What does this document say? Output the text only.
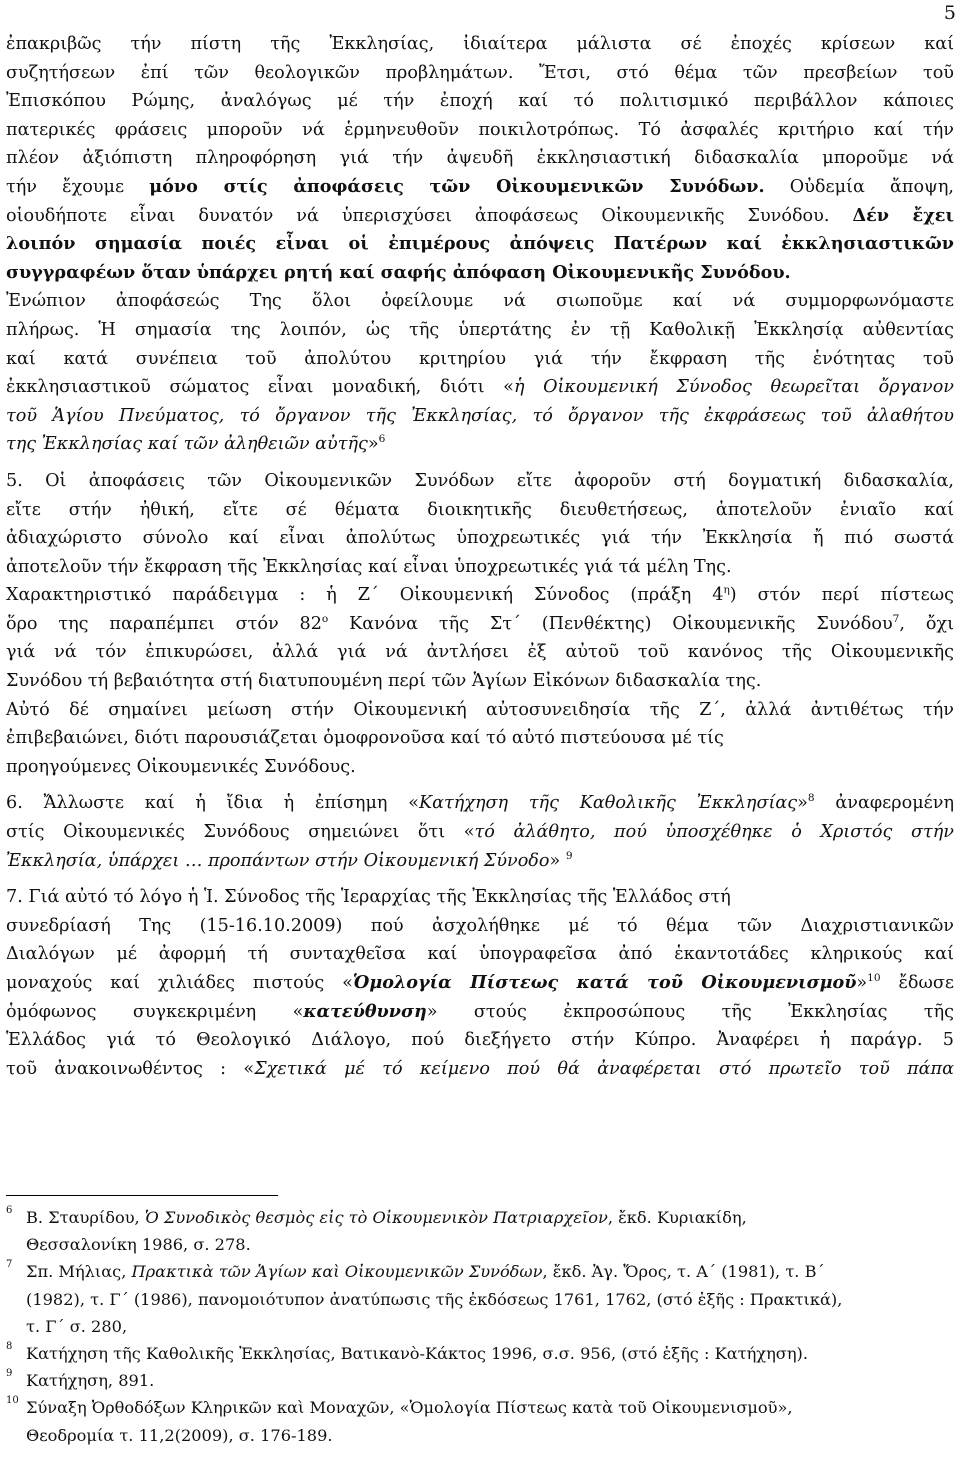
5

ἐπακριβῶς τήν πίστη τῆς Ἐκκλησίας, ἰδιαίτερα μάλιστα σέ ἐποχές κρίσεων καί
συζητήσεων ἐπί τῶν θεολογικῶν προβλημάτων. Ἔτσι, στό θέμα τῶν πρεσβείων τοῦ
Ἐπισκόπου Ρώμης, ἀναλόγως μέ τήν ἐποχή καί τό πολιτισμικό περιβάλλον κάποιες
πατερικές φράσεις μποροῦν νά ἑρμηνευθοῦν ποικιλοτρόπως. Τό ἀσφαλές κριτήριο καί τήν
πλέον ἀξιόπιστη πληροφόρηση γιά τήν ἀψευδῆ ἐκκλησιαστική διδασκαλία μποροῦμε νά
τήν ἔχουμε μόνο στίς ἀποφάσεις τῶν Οἰκουμενικῶν Συνόδων. Οὐδεμία ἄποψη,
οἱουδήποτε εἶναι δυνατόν νά ὑπερισχύσει ἀποφάσεως Οἰκουμενικῆς Συνόδου. Δέν ἔχει
λοιπόν σημασία ποιές εἶναι οἱ ἐπιμέρους ἀπόψεις Πατέρων καί ἐκκλησιαστικῶν
συγγραφέων ὅταν ὑπάρχει ρητή καί σαφής ἀπόφαση Οἰκουμενικῆς Συνόδου.
Ἐνώπιον ἀποφάσεώς Της ὅλοι ὀφείλουμε νά σιωποῦμε καί νά συμμορφωνόμαστε
πλήρως. Ἡ σημασία της λοιπόν, ὡς τῆς ὑπερτάτης ἐν τῇ Καθολικῇ Ἐκκλησίᾳ αὐθεντίας
καί κατά συνέπεια τοῦ ἀπολύτου κριτηρίου γιά τήν ἔκφραση τῆς ἑνότητας τοῦ
ἐκκλησιαστικοῦ σώματος εἶναι μοναδική, διότι «ἡ Οἰκουμενική Σύνοδος θεωρεῖται ὄργανον
τοῦ Ἁγίου Πνεύματος, τό ὄργανον τῆς Ἐκκλησίας, τό ὄργανον τῆς ἐκφράσεως τοῦ ἀλαθήτου
της Ἐκκλησίας καί τῶν ἀληθειῶν αὐτῆς»$^6$

5. Οἱ ἀποφάσεις τῶν Οἰκουμενικῶν Συνόδων εἴτε ἀφοροῦν στή δογματική διδασκαλία,
εἴτε στήν ἠθική, εἴτε σέ θέματα διοικητικῆς διευθετήσεως, ἀποτελοῦν ἑνιαῖο καί
ἀδιαχώριστο σύνολο καί εἶναι ἀπολύτως ὑποχρεωτικές γιά τήν Ἐκκλησία ἤ πιό σωστά
ἀποτελοῦν τήν ἔκφραση τῆς Ἐκκλησίας καί εἶναι ὑποχρεωτικές γιά τά μέλη Της.
Χαρακτηριστικό παράδειγμα : ἡ Ζ΄ Οἰκουμενική Σύνοδος (πράξη $4^\eta$) στόν περί πίστεως
ὅρο της παραπέμπει στόν $82^o$ Κανόνα τῆς Στ΄ (Πενθέκτης) Οἰκουμενικῆς Συνόδου$^7$, ὄχι
γιά νά τόν ἐπικυρώσει, ἀλλά γιά νά ἀντλήσει ἐξ αὐτοῦ τοῦ κανόνος τῆς Οἰκουμενικῆς
Συνόδου τή βεβαιότητα στή διατυπουμένη περί τῶν Ἁγίων Εἰκόνων διδασκαλία της.
Αὐτό δέ σημαίνει μείωση στήν Οἰκουμενική αὐτοσυνειδησία τῆς Ζ΄, ἀλλά ἀντιθέτως τήν
ἐπιβεβαιώνει, διότι παρουσιάζεται ὁμοφρονοῦσα καί τό αὐτό πιστεύουσα μέ τίς
προηγούμενες Οἰκουμενικές Συνόδους.

6. Ἄλλωστε καί ἡ ἴδια ἡ ἐπίσημη «Κατήχηση τῆς Καθολικῆς Ἐκκλησίας»$^8$ ἀναφερομένη
στίς Οἰκουμενικές Συνόδους σημειώνει ὅτι «τό ἀλάθητο, πού ὑποσχέθηκε ὁ Χριστός στήν
Ἐκκλησία, ὑπάρχει … προπάντων στήν Οἰκουμενική Σύνοδο» $^9$

7. Γιά αὐτό τό λόγο ἡ Ἱ. Σύνοδος τῆς Ἱεραρχίας τῆς Ἐκκλησίας τῆς Ἑλλάδος στή
συνεδρίασή Της (15-16.10.2009) πού ἀσχολήθηκε μέ τό θέμα τῶν Διαχριστιανικῶν
Διαλόγων μέ ἀφορμή τή συνταχθεῖσα καί ὑπογραφεῖσα ἀπό ἑκαντοτάδες κληρικούς καί
μοναχούς καί χιλιάδες πιστούς «Ὁμολογία Πίστεως κατά τοῦ Οἰκουμενισμοῦ»$^{10}$ ἔδωσε
ὁμόφωνος συγκεκριμένη «κατεύθυνση» στούς ἐκπροσώπους τῆς Ἐκκλησίας τῆς
Ἑλλάδος γιά τό Θεολογικό Διάλογο, πού διεξήγετο στήν Κύπρο. Ἀναφέρει ἡ παράγρ. 5
τοῦ ἀνακοινωθέντος : «Σχετικά μέ τό κείμενο πού θά ἀναφέρεται στό πρωτεῖο τοῦ πάπα

6 Β. Σταυρίδου, Ὁ Συνοδικὸς θεσμὸς εἰς τὸ Οἰκουμενικὸν Πατριαρχεῖον, ἔκδ. Κυριακίδη,
Θεσσαλονίκη 1986, σ. 278.
7 Σπ. Μήλιας, Πρακτικὰ τῶν Ἁγίων καὶ Οἰκουμενικῶν Συνόδων, ἔκδ. Ἁγ. Ὄρος, τ. Α΄ (1981), τ. Β΄
(1982), τ. Γ΄ (1986), πανομοιότυπον ἀνατύπωσις τῆς ἐκδόσεως 1761, 1762, (στό ἑξῆς : Πρακτικά),
τ. Γ΄ σ. 280,
8 Κατήχηση τῆς Καθολικῆς Ἐκκλησίας, Βατικανὸ-Κάκτος 1996, σ.σ. 956, (στό ἑξῆς : Κατήχηση).
9 Κατήχηση, 891.
10 Σύναξη Ὀρθοδόξων Κληρικῶν καὶ Μοναχῶν, «Ὁμολογία Πίστεως κατὰ τοῦ Οἰκουμενισμοῦ»,
Θεοδρομία τ. 11,2(2009), σ. 176-189.
